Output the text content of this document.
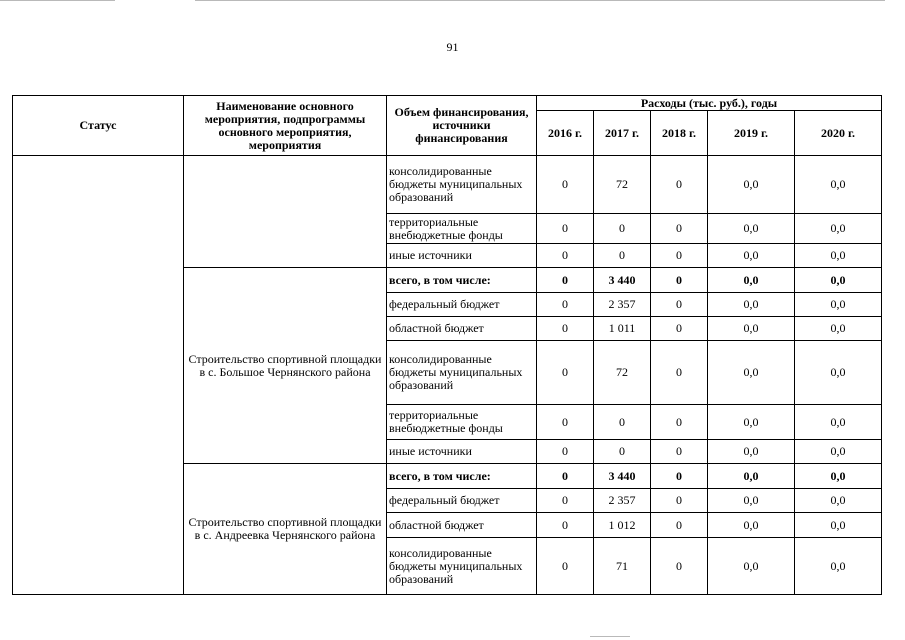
91
Статус	Наименование основного мероприятия, подпрограммы основного мероприятия, мероприятия	Объем финансирования, источники финансирования	Расходы (тыс. руб.), годы				
			2016 г.	2017 г.	2018 г.	2019 г.	2020 г.
		консолидированные бюджеты муниципальных образований	0	72	0	0,0	0,0
		территориальные внебюджетные фонды	0	0	0	0,0	0,0
		иные источники	0	0	0	0,0	0,0
	Строительство спортивной площадки в с. Большое Чернянского района	всего, в том числе:	0	3 440	0	0,0	0,0
		федеральный бюджет	0	2 357	0	0,0	0,0
		областной бюджет	0	1 011	0	0,0	0,0
		консолидированные бюджеты муниципальных образований	0	72	0	0,0	0,0
		территориальные внебюджетные фонды	0	0	0	0,0	0,0
		иные источники	0	0	0	0,0	0,0
	Строительство спортивной площадки в с. Андреевка Чернянского района	всего, в том числе:	0	3 440	0	0,0	0,0
		федеральный бюджет	0	2 357	0	0,0	0,0
		областной бюджет	0	1 012	0	0,0	0,0
		консолидированные бюджеты муниципальных образований	0	71	0	0,0	0,0
